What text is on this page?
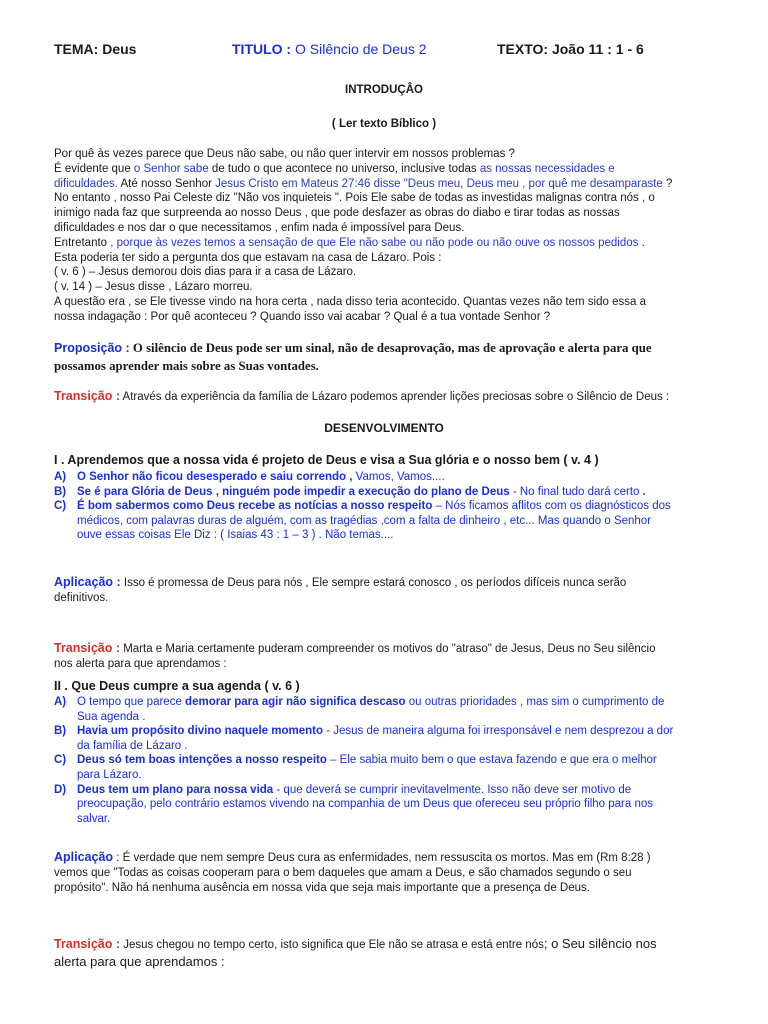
TEMA: Deus	TITULO : O Silêncio de Deus 2	TEXTO: João 11 : 1 - 6
INTRODUÇÂO
( Ler texto Bíblico )
Por quê às vezes parece que Deus não sabe, ou não quer intervir em nossos problemas ?
É evidente que o Senhor sabe de tudo o que acontece no universo, inclusive todas as nossas necessidades e
dificuldades. Até nosso Senhor Jesus Cristo em Mateus 27:46 disse "Deus meu, Deus meu , por quê me desamparaste ?
No entanto , nosso Pai Celeste diz "Não vos inquieteis ". Pois Ele sabe de todas as investidas malignas contra nós , o
inimigo nada faz que surpreenda ao nosso Deus , que pode desfazer as obras do diabo e tirar todas as nossas
dificuldades e nos dar o que necessitamos , enfim nada é impossível para Deus.
Entretanto , porque às vezes temos a sensação de que Ele não sabe ou não pode ou não ouve os nossos pedidos .
Esta poderia ter sido a pergunta dos que estavam na casa de Lázaro. Pois :
( v. 6 ) – Jesus demorou dois dias para ir a casa de Lázaro.
( v. 14 ) – Jesus disse , Lázaro morreu.
A questão era , se Ele tivesse vindo na hora certa , nada disso teria acontecido. Quantas vezes não tem sido essa a
nossa indagação : Por quê aconteceu ? Quando isso vai acabar ? Qual é a tua vontade Senhor ?
Proposição : O silêncio de Deus pode ser um sinal, não de desaprovação, mas de aprovação e alerta para que
possamos aprender mais sobre as Suas vontades.
Transição : Através da experiência da família de Lázaro podemos aprender lições preciosas sobre o Silêncio de Deus :
DESENVOLVIMENTO
I . Aprendemos que a nossa vida é projeto de Deus e visa a Sua glória e o nosso bem ( v. 4 )
A) O Senhor não ficou desesperado e saiu correndo , Vamos, Vamos....
B) Se é para Glória de Deus , ninguém pode impedir a execução do plano de Deus - No final tudo dará certo .
C) É bom sabermos como Deus recebe as notícias a nosso respeito – Nós ficamos aflitos com os diagnósticos dos
médicos, com palavras duras de alguém, com as tragédias ,com a falta de dinheiro , etc... Mas quando o Senhor
ouve essas coisas Ele Diz : ( Isaias 43 : 1 – 3 ) . Não temas....
Aplicação : Isso é promessa de Deus para nós , Ele sempre estará conosco , os períodos difíceis nunca serão
definitivos.
Transição : Marta e Maria certamente puderam compreender os motivos do "atraso" de Jesus, Deus no Seu silêncio
nos alerta para que aprendamos :
II . Que Deus cumpre a sua agenda ( v. 6 )
A) O tempo que parece demorar para agir não significa descaso ou outras prioridades , mas sim o cumprimento de
Sua agenda .
B) Havia um propósito divino naquele momento - Jesus de maneira alguma foi irresponsável e nem desprezou a dor
da família de Lázaro .
C) Deus só tem boas intenções a nosso respeito – Ele sabia muito bem o que estava fazendo e que era o melhor
para Lázaro.
D) Deus tem um plano para nossa vida - que deverá se cumprir inevitavelmente. Isso não deve ser motivo de
preocupação, pelo contrário estamos vivendo na companhia de um Deus que ofereceu seu próprio filho para nos
salvar.
Aplicação : É verdade que nem sempre Deus cura as enfermidades, nem ressuscita os mortos. Mas em (Rm 8:28 )
vemos que "Todas as coisas cooperam para o bem daqueles que amam a Deus, e são chamados segundo o seu
propósito". Não há nenhuma ausência em nossa vida que seja mais importante que a presença de Deus.
Transição : Jesus chegou no tempo certo, isto significa que Ele não se atrasa e está entre nós; o Seu silêncio nos
alerta para que aprendamos :
